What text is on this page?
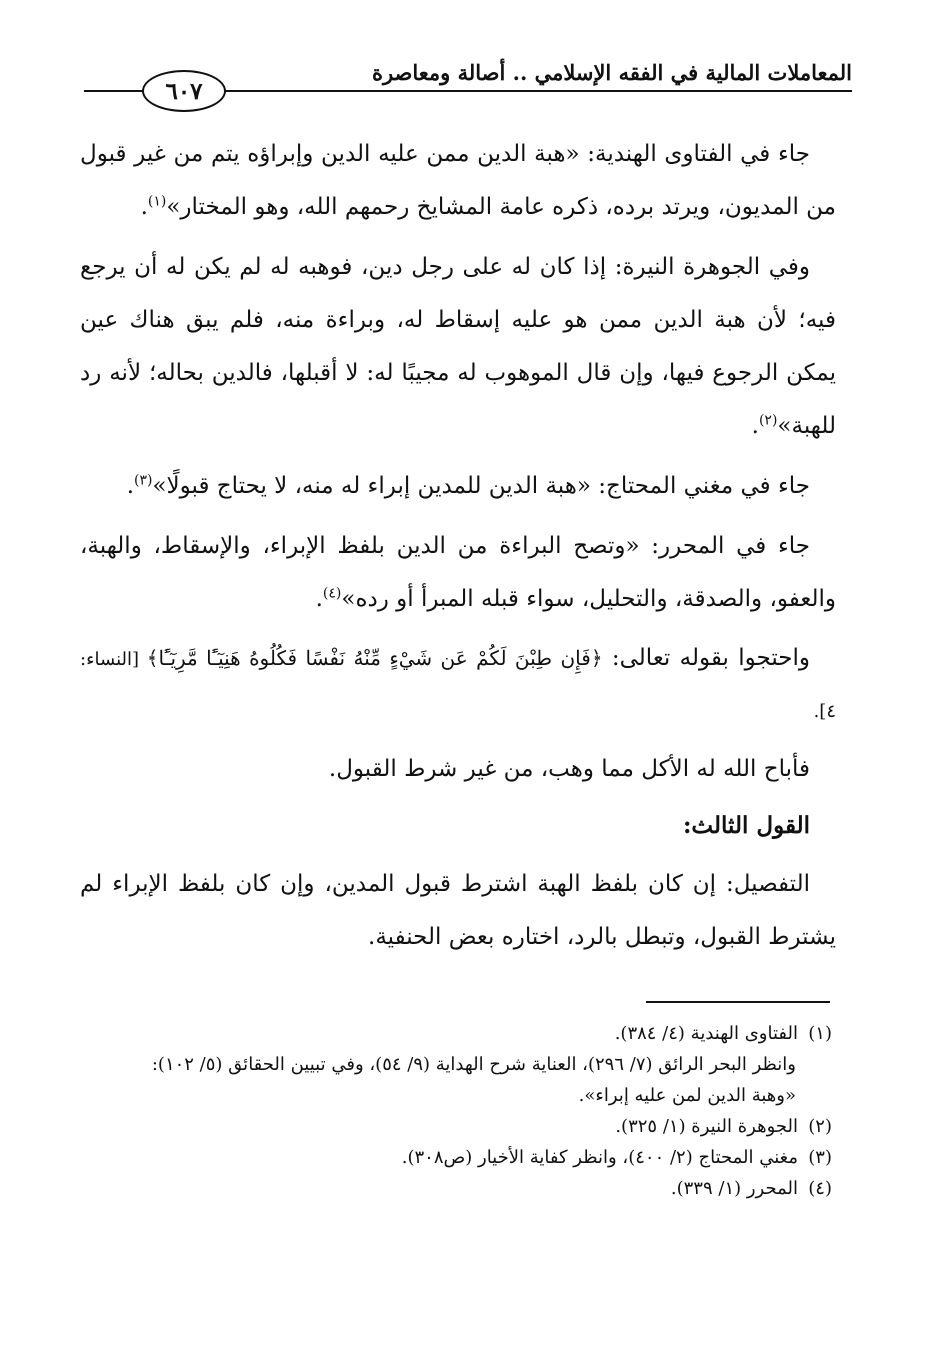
المعاملات المالية في الفقه الإسلامي .. أصالة ومعاصرة
٦٠٧

جاء في الفتاوى الهندية: «هبة الدين ممن عليه الدين وإبراؤه يتم من غير قبول من المديون، ويرتد برده، ذكره عامة المشايخ رحمهم الله، وهو المختار»$^{(١)}$.

وفي الجوهرة النيرة: إذا كان له على رجل دين، فوهبه له لم يكن له أن يرجع فيه؛ لأن هبة الدين ممن هو عليه إسقاط له، وبراءة منه، فلم يبق هناك عين يمكن الرجوع فيها، وإن قال الموهوب له مجيبًا له: لا أقبلها، فالدين بحاله؛ لأنه رد للهبة»$^{(٢)}$.

جاء في مغني المحتاج: «هبة الدين للمدين إبراء له منه، لا يحتاج قبولًا»$^{(٣)}$.

جاء في المحرر: «وتصح البراءة من الدين بلفظ الإبراء، والإسقاط، والهبة، والعفو، والصدقة، والتحليل، سواء قبله المبرأ أو رده»$^{(٤)}$.

واحتجوا بقوله تعالى: ﴿فَإِن طِبْنَ لَكُمْ عَن شَيْءٍ مِّنْهُ نَفْسًا فَكُلُوهُ هَنِيٓـًٔا مَّرِيٓـًٔا﴾ [النساء: ٤].

فأباح الله له الأكل مما وهب، من غير شرط القبول.

القول الثالث:

التفصيل: إن كان بلفظ الهبة اشترط قبول المدين، وإن كان بلفظ الإبراء لم يشترط القبول، وتبطل بالرد، اختاره بعض الحنفية.

(١)الفتاوى الهندية (٤/ ٣٨٤).

وانظر البحر الرائق (٧/ ٢٩٦)، العناية شرح الهداية (٩/ ٥٤)، وفي تبيين الحقائق (٥/ ١٠٢):

«وهبة الدين لمن عليه إبراء».

(٢)الجوهرة النيرة (١/ ٣٢٥).

(٣)مغني المحتاج (٢/ ٤٠٠)، وانظر كفاية الأخيار (ص٣٠٨).

(٤)المحرر (١/ ٣٣٩).
